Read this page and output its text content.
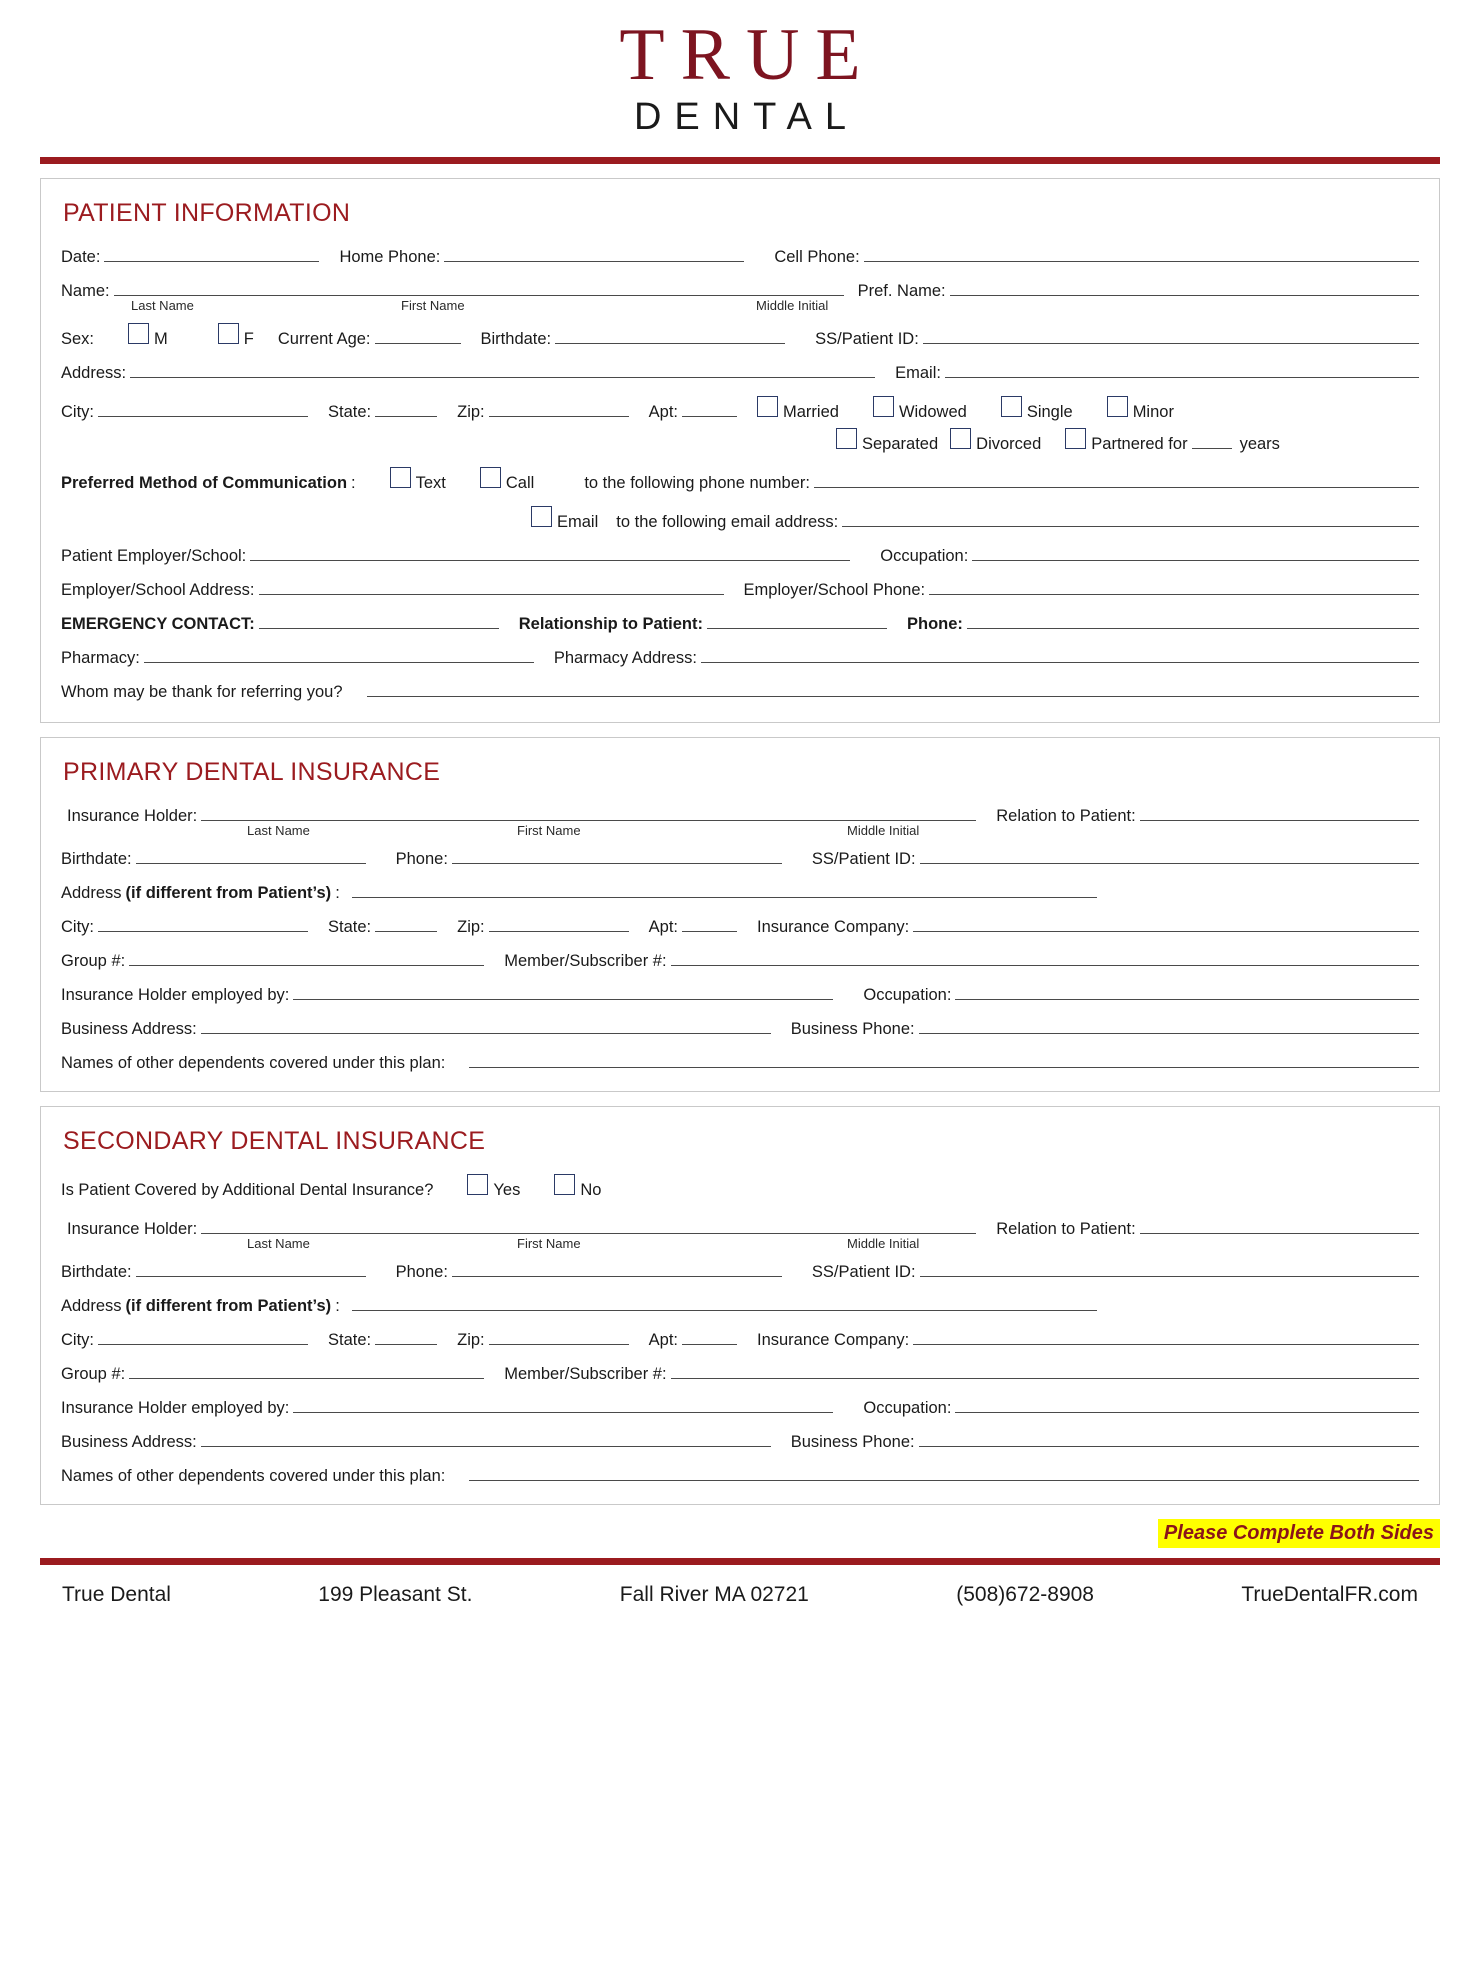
TRUE
DENTAL
PATIENT INFORMATION
Date:	Home Phone:	Cell Phone:
Name:	Pref. Name:
Last Name	First Name	Middle Initial
Sex:	M	F Current Age:	Birthdate:	SS/Patient ID:
Address:	Email:
City:	State:	Zip:	Apt:	Married	Widowed	Single	Minor
Separated Divorced	Partnered for	years
Preferred Method of Communication :	Text	Call	to the following phone number:
Email to the following email address:
Patient Employer/School:	Occupation:
Employer/School Address:	Employer/School Phone:
EMERGENCY CONTACT:	Relationship to Patient:	Phone:
Pharmacy:	Pharmacy Address:
Whom may be thank for referring you?
PRIMARY DENTAL INSURANCE
Insurance Holder:	Relation to Patient:
Last Name	First Name	Middle Initial
Birthdate:	Phone:	SS/Patient ID:
Address (if different from Patient’s) :
City:	State:	Zip:	Apt:	Insurance Company:
Group #:	Member/Subscriber #:
Insurance Holder employed by:	Occupation:
Business Address:	Business Phone:
Names of other dependents covered under this plan:
SECONDARY DENTAL INSURANCE
Is Patient Covered by Additional Dental Insurance?	Yes	No
Insurance Holder:	Relation to Patient:
Last Name	First Name	Middle Initial
Birthdate:	Phone:	SS/Patient ID:
Address (if different from Patient’s) :
City:	State:	Zip:	Apt:	Insurance Company:
Group #:	Member/Subscriber #:
Insurance Holder employed by:	Occupation:
Business Address:	Business Phone:
Names of other dependents covered under this plan:
Please Complete Both Sides
True Dental	199 Pleasant St.	Fall River MA 02721	(508)672-8908	TrueDentalFR.com
